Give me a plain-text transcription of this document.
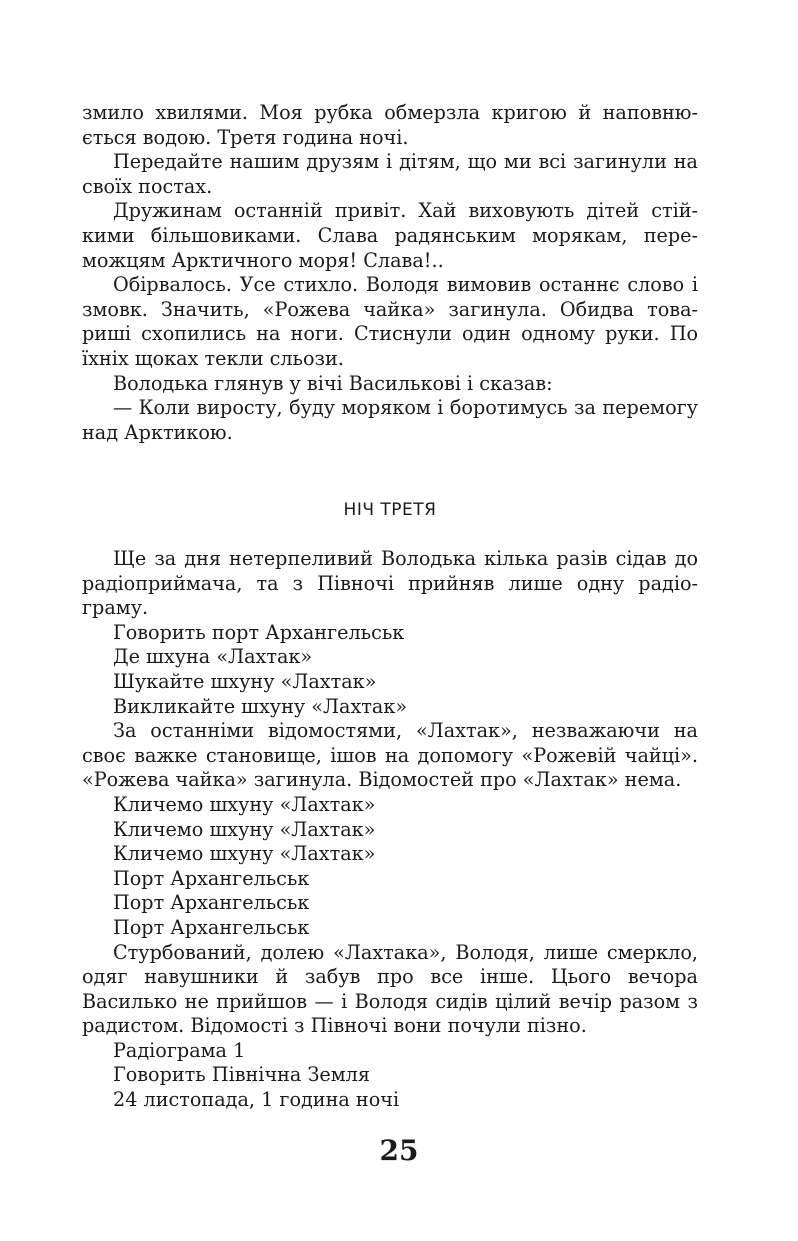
змило хвилями. Моя рубка обмерзла кригою й наповнюється водою. Третя година ночі.

Передайте нашим друзям і дітям, що ми всі загинули на своїх постах.

Дружинам останній привіт. Хай виховують дітей стійкими більшовиками. Слава радянським морякам, переможцям Арктичного моря! Слава!..

Обірвалось. Усе стихло. Володя вимовив останнє слово і змовк. Значить, «Рожева чайка» загинула. Обидва товариші схопились на ноги. Стиснули один одному руки. По їхніх щоках текли сльози.

Володька глянув у вічі Василькові і сказав:

— Коли виросту, буду моряком і боротимусь за перемогу над Арктикою.

НІЧ ТРЕТЯ

Ще за дня нетерпеливий Володька кілька разів сідав до радіоприймача, та з Півночі прийняв лише одну радіограму.

Говорить порт Архангельськ

Де шхуна «Лахтак»

Шукайте шхуну «Лахтак»

Викликайте шхуну «Лахтак»

За останніми відомостями, «Лахтак», незважаючи на своє важке становище, ішов на допомогу «Рожевій чайці». «Рожева чайка» загинула. Відомостей про «Лахтак» нема.

Кличемо шхуну «Лахтак»

Кличемо шхуну «Лахтак»

Кличемо шхуну «Лахтак»

Порт Архангельськ

Порт Архангельськ

Порт Архангельськ

Стурбований, долею «Лахтака», Володя, лише смеркло, одяг навушники й забув про все інше. Цього вечора Василько не прийшов — і Володя сидів цілий вечір разом з радистом. Відомості з Півночі вони почули пізно.

Радіограма 1

Говорить Північна Земля

24 листопада, 1 година ночі

25
